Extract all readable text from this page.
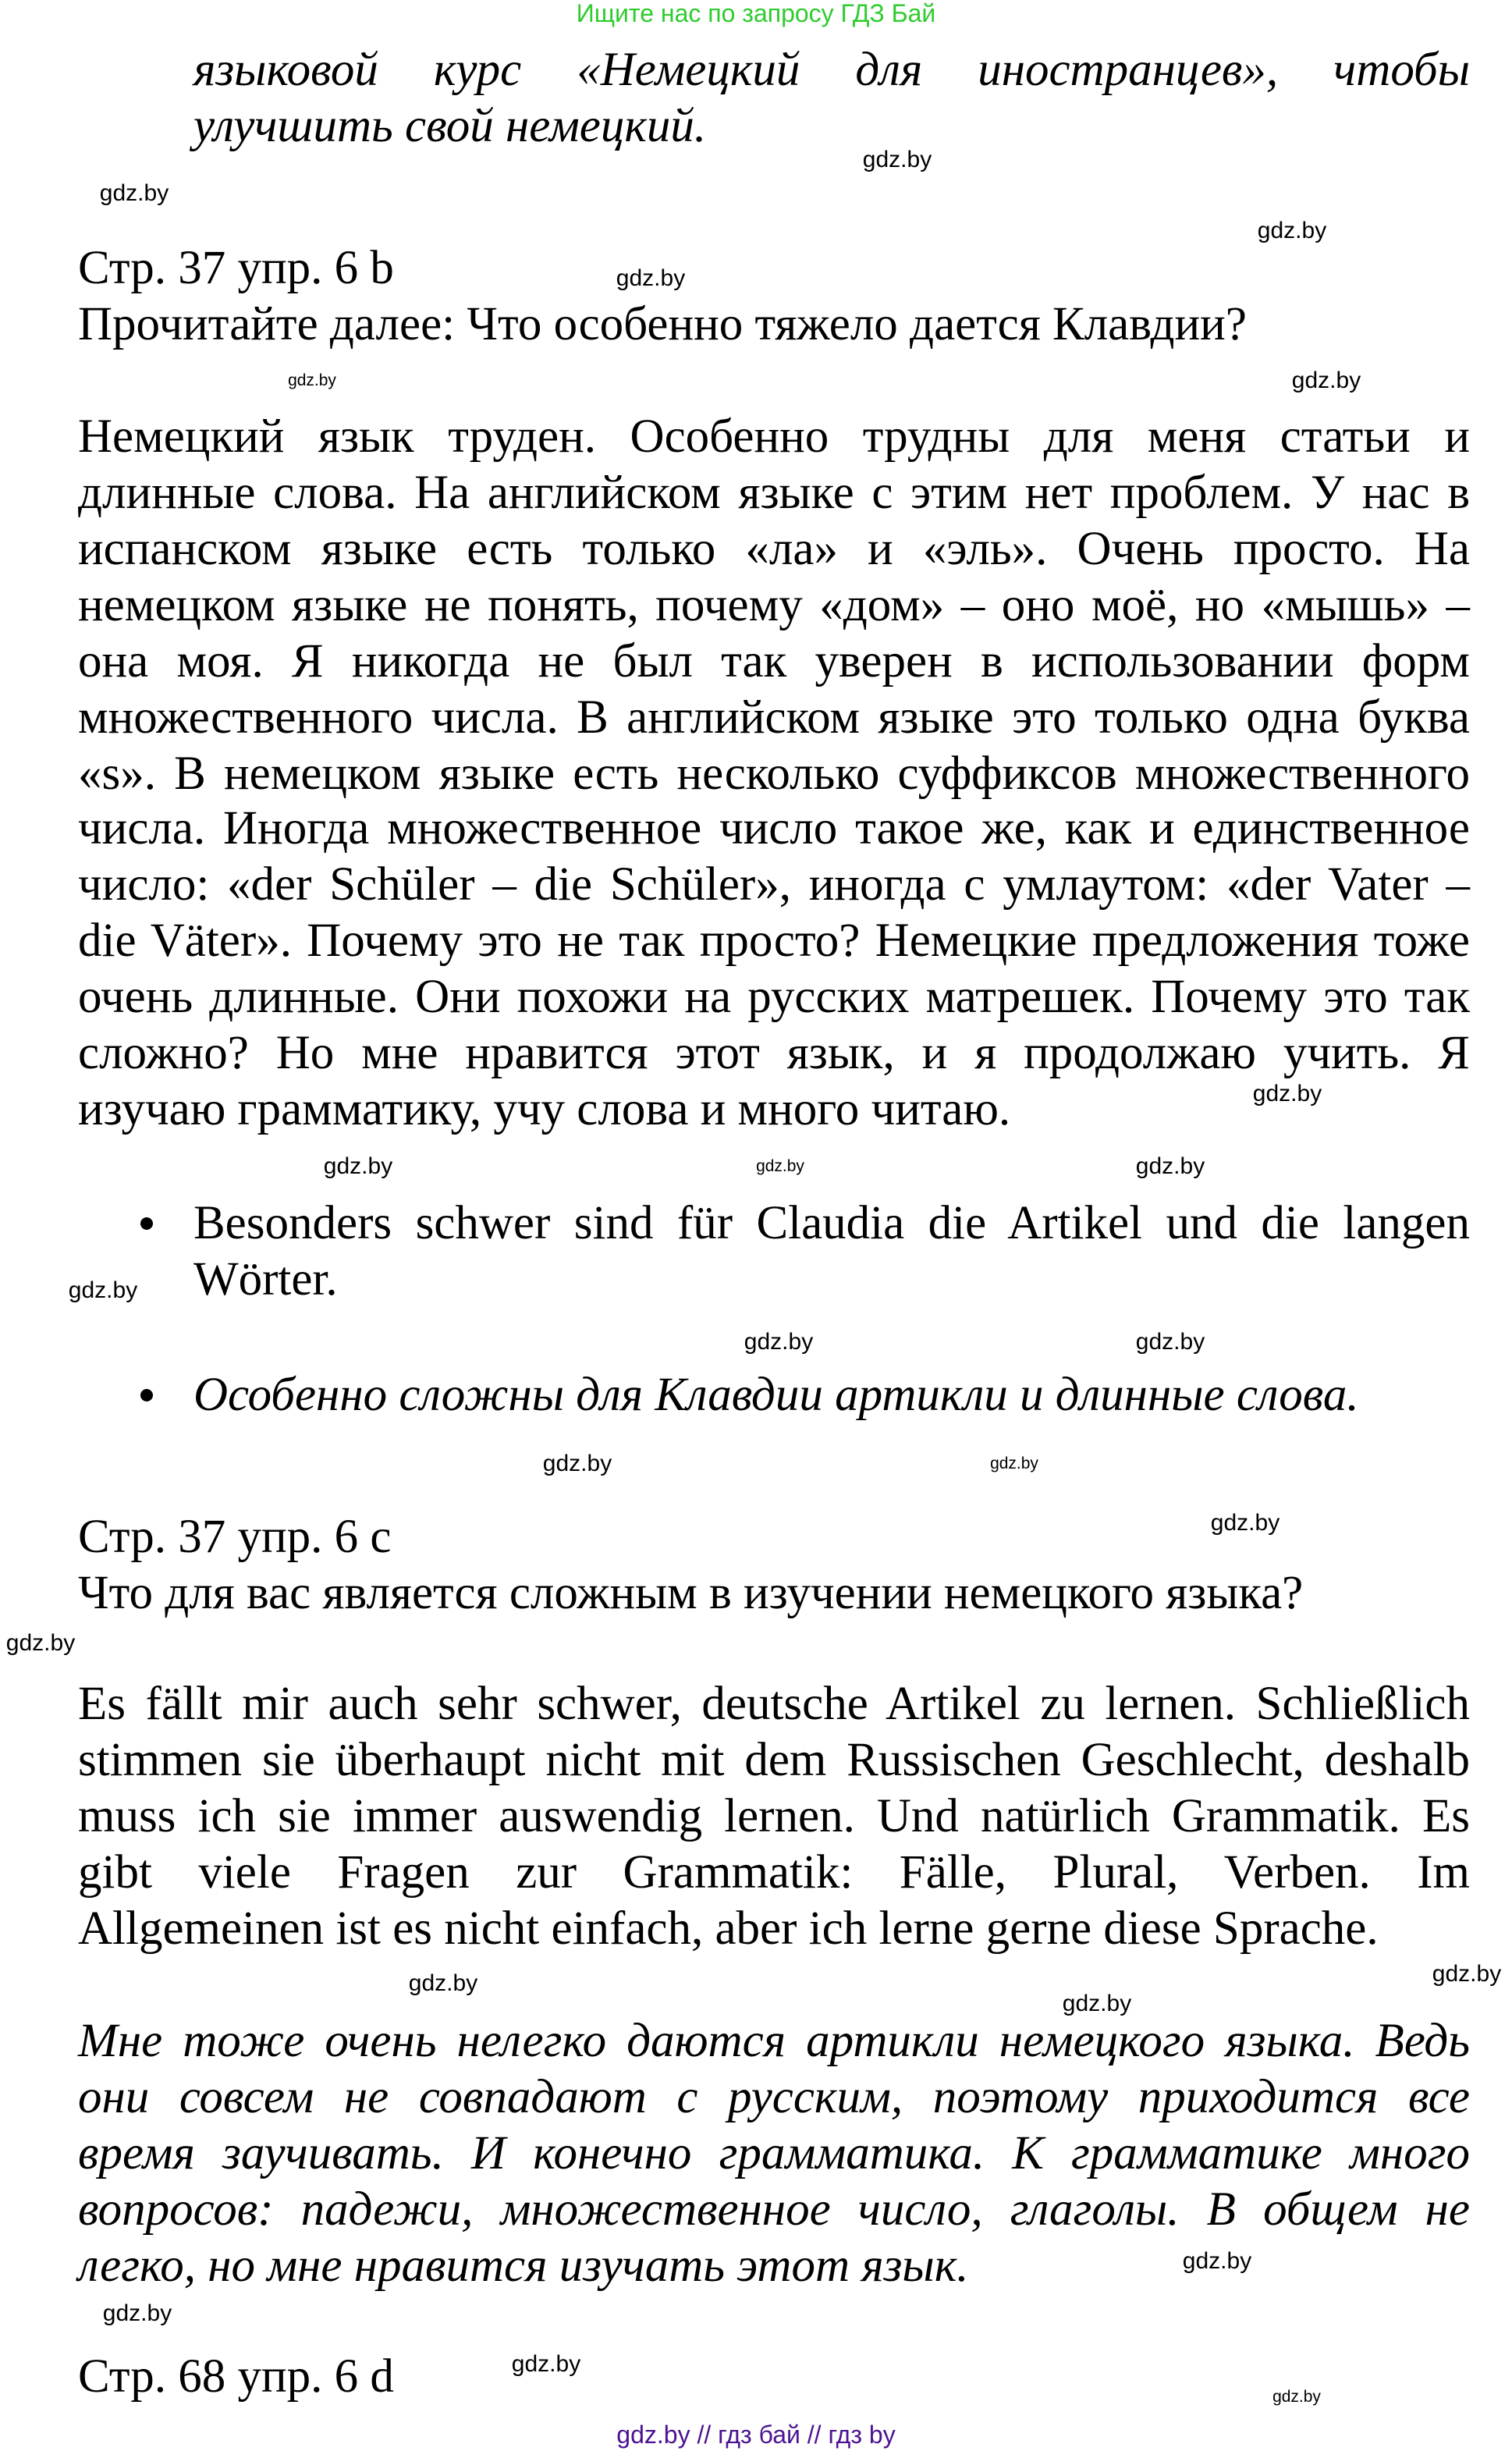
Ищите нас по запросу ГДЗ Бай
языковой курс «Немецкий для иностранцев», чтобы
улучшить свой немецкий.
Стр. 37 упр. 6 b
Прочитайте далее: Что особенно тяжело дается Клавдии?
Немецкий язык труден. Особенно трудны для меня статьи и
длинные слова. На английском языке с этим нет проблем. У нас в
испанском языке есть только «ла» и «эль». Очень просто. На
немецком языке не понять, почему «дом» – оно моё, но «мышь» –
она моя. Я никогда не был так уверен в использовании форм
множественного числа. В английском языке это только одна буква
«s». В немецком языке есть несколько суффиксов множественного
числа. Иногда множественное число такое же, как и единственное
число: «der Schüler – die Schüler», иногда с умлаутом: «der Vater –
die Väter». Почему это не так просто? Немецкие предложения тоже
очень длинные. Они похожи на русских матрешек. Почему это так
сложно? Но мне нравится этот язык, и я продолжаю учить. Я
изучаю грамматику, учу слова и много читаю.
Besonders schwer sind für Claudia die Artikel und die langen
Wörter.
Особенно сложны для Клавдии артикли и длинные слова.
Стр. 37 упр. 6 с
Что для вас является сложным в изучении немецкого языка?
Es fällt mir auch sehr schwer, deutsche Artikel zu lernen. Schließlich
stimmen sie überhaupt nicht mit dem Russischen Geschlecht, deshalb
muss ich sie immer auswendig lernen. Und natürlich Grammatik. Es
gibt viele Fragen zur Grammatik: Fälle, Plural, Verben. Im
Allgemeinen ist es nicht einfach, aber ich lerne gerne diese Sprache.
Мне тоже очень нелегко даются артикли немецкого языка. Ведь
они совсем не совпадают с русским, поэтому приходится все
время заучивать. И конечно грамматика. К грамматике много
вопросов: падежи, множественное число, глаголы. В общем не
легко, но мне нравится изучать этот язык.
Стр. 68 упр. 6 d
gdz.by
gdz.by
gdz.by
gdz.by
gdz.by	gdz.by
gdz.by
gdz.by	gdz.by	gdz.by
gdz.by
gdz.by	gdz.by
gdz.by	gdz.by
gdz.by
gdz.by
gdz.by
gdz.by
gdz.by
gdz.by
gdz.by
gdz.by
gdz.by
gdz.by // гдз бай // гдз by
